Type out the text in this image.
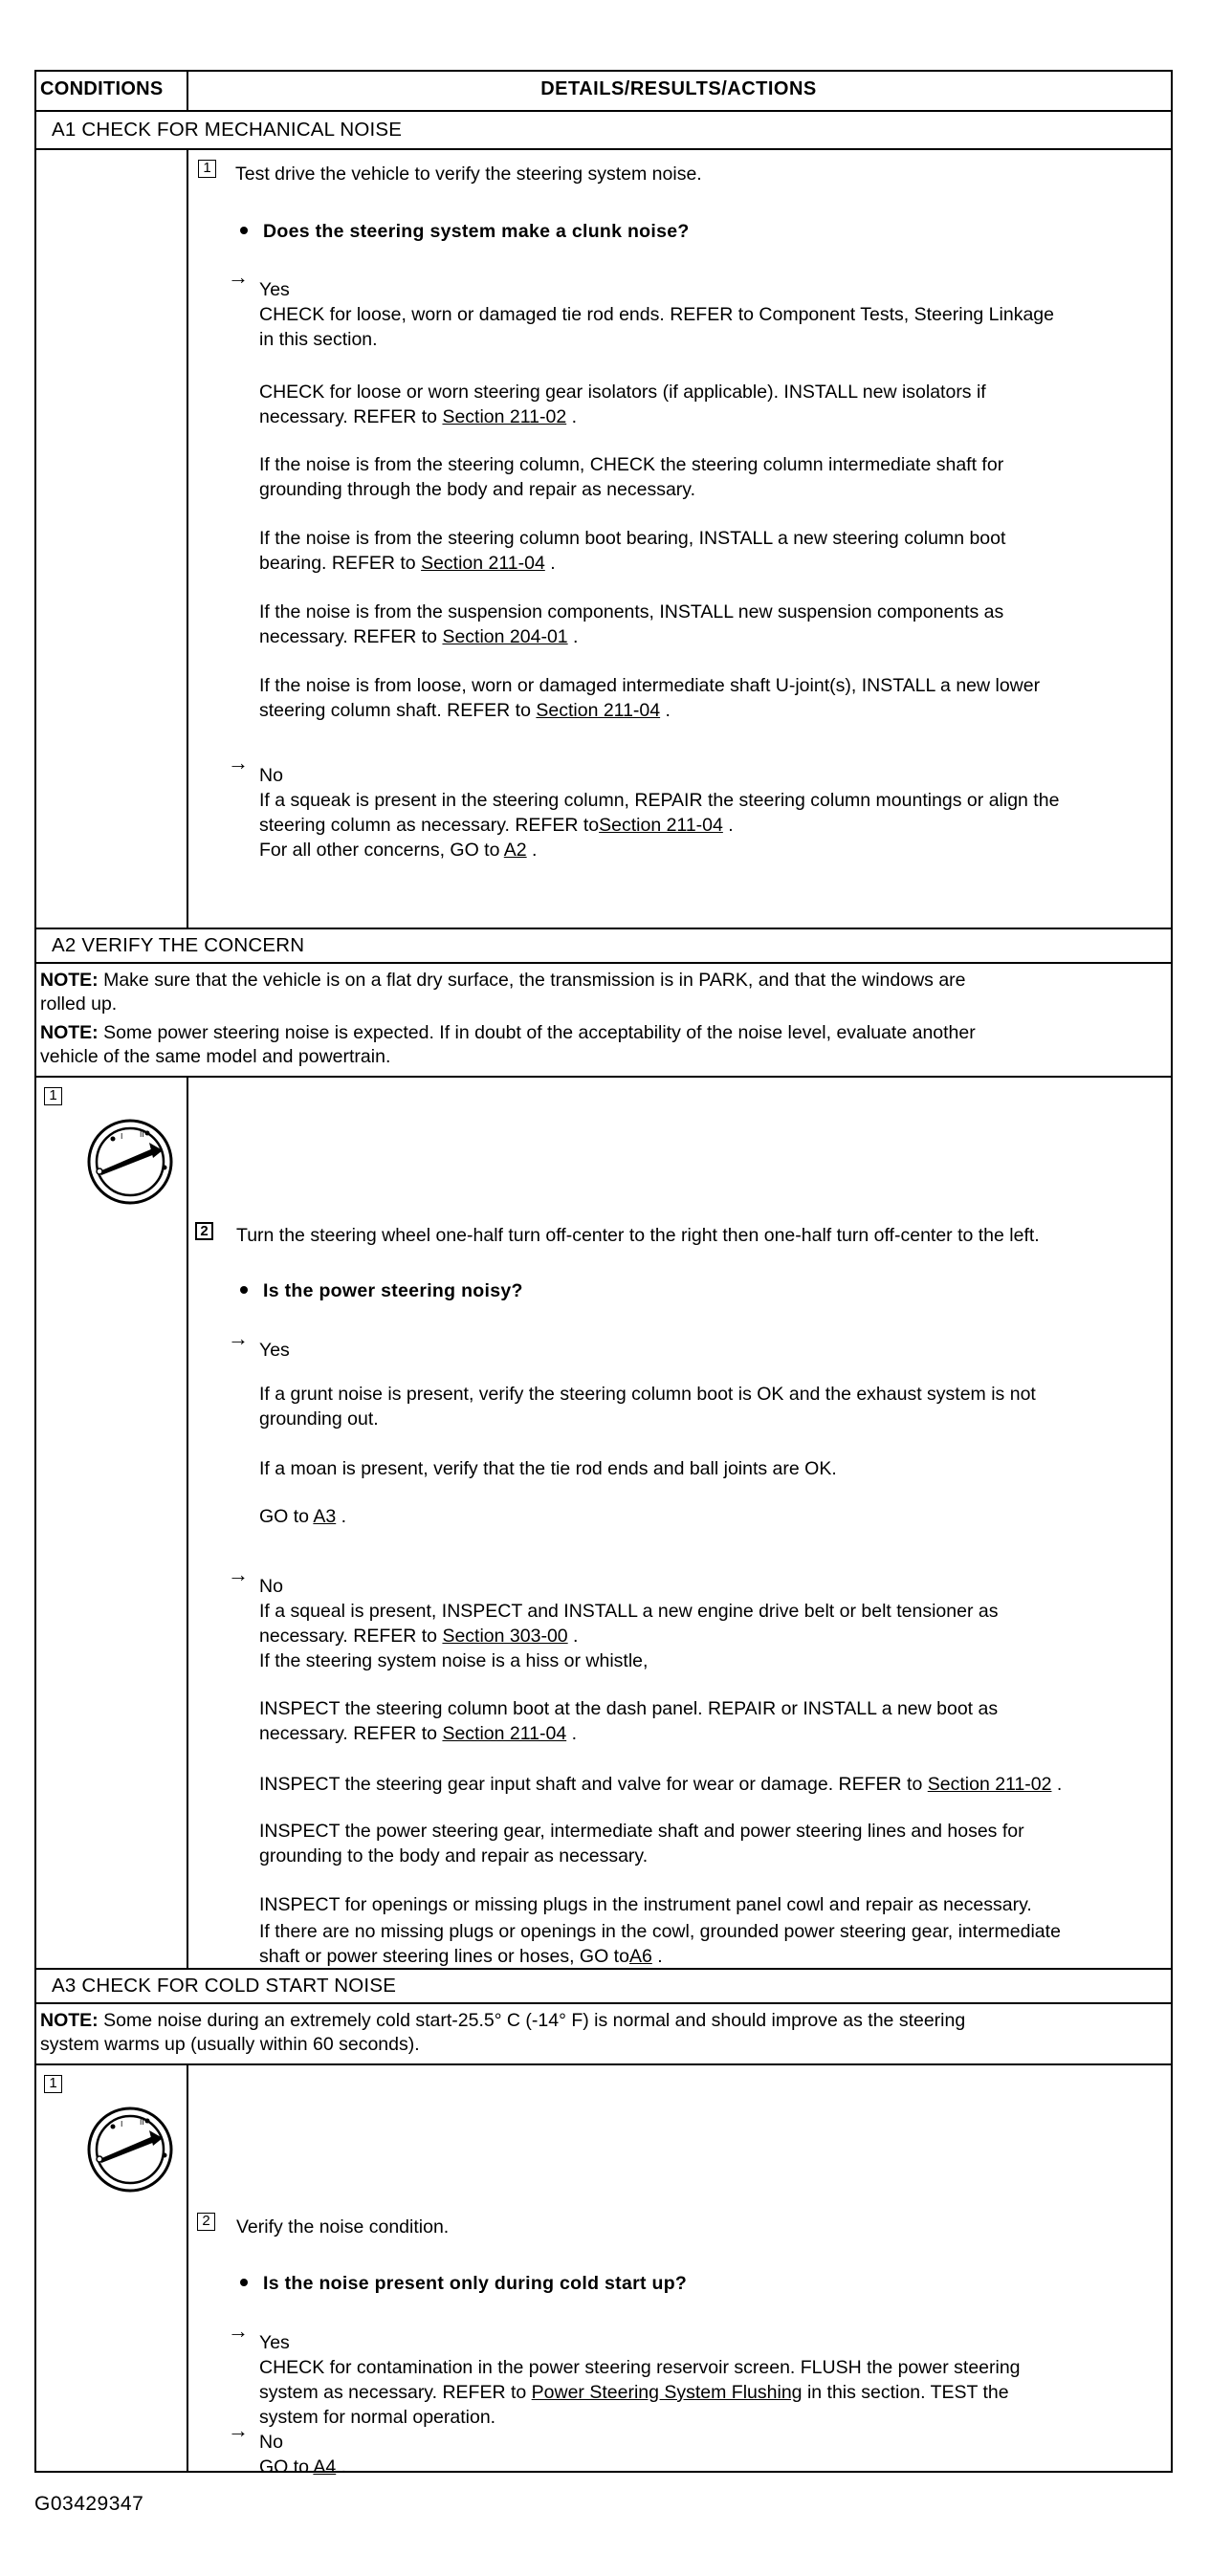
CONDITIONS	DETAILS/RESULTS/ACTIONS
A1 CHECK FOR MECHANICAL NOISE
1 Test drive the vehicle to verify the steering system noise.
Does the steering system make a clunk noise?
→
Yes
CHECK for loose, worn or damaged tie rod ends. REFER to Component Tests, Steering Linkage
in this section.
CHECK for loose or worn steering gear isolators (if applicable). INSTALL new isolators if
necessary. REFER to Section 211-02 .
If the noise is from the steering column, CHECK the steering column intermediate shaft for
grounding through the body and repair as necessary.
If the noise is from the steering column boot bearing, INSTALL a new steering column boot
bearing. REFER to Section 211-04 .
If the noise is from the suspension components, INSTALL new suspension components as
necessary. REFER to Section 204-01 .
If the noise is from loose, worn or damaged intermediate shaft U-joint(s), INSTALL a new lower
steering column shaft. REFER to Section 211-04 .
→
No
If a squeak is present in the steering column, REPAIR the steering column mountings or align the
steering column as necessary. REFER toSection 211-04 .
For all other concerns, GO to A2 .
A2 VERIFY THE CONCERN
NOTE: Make sure that the vehicle is on a flat dry surface, the transmission is in PARK, and that the windows are
rolled up.
NOTE: Some power steering noise is expected. If in doubt of the acceptability of the noise level, evaluate another
vehicle of the same model and powertrain.
1
I II
2 Turn the steering wheel one-half turn off-center to the right then one-half turn off-center to the left.
Is the power steering noisy?
→ Yes
If a grunt noise is present, verify the steering column boot is OK and the exhaust system is not
grounding out.
If a moan is present, verify that the tie rod ends and ball joints are OK.
GO to A3 .
→ No
If a squeal is present, INSPECT and INSTALL a new engine drive belt or belt tensioner as
necessary. REFER to Section 303-00 .
If the steering system noise is a hiss or whistle,
INSPECT the steering column boot at the dash panel. REPAIR or INSTALL a new boot as
necessary. REFER to Section 211-04 .
INSPECT the steering gear input shaft and valve for wear or damage. REFER to Section 211-02 .
INSPECT the power steering gear, intermediate shaft and power steering lines and hoses for
grounding to the body and repair as necessary.
INSPECT for openings or missing plugs in the instrument panel cowl and repair as necessary.
If there are no missing plugs or openings in the cowl, grounded power steering gear, intermediate
shaft or power steering lines or hoses, GO toA6 .
A3 CHECK FOR COLD START NOISE
NOTE: Some noise during an extremely cold start-25.5° C (-14° F) is normal and should improve as the steering
system warms up (usually within 60 seconds).
1
I II
2 Verify the noise condition.
Is the noise present only during cold start up?
→ Yes
CHECK for contamination in the power steering reservoir screen. FLUSH the power steering
system as necessary. REFER to Power Steering System Flushing in this section. TEST the
system for normal operation.
→ No
GO to A4 .
G03429347
